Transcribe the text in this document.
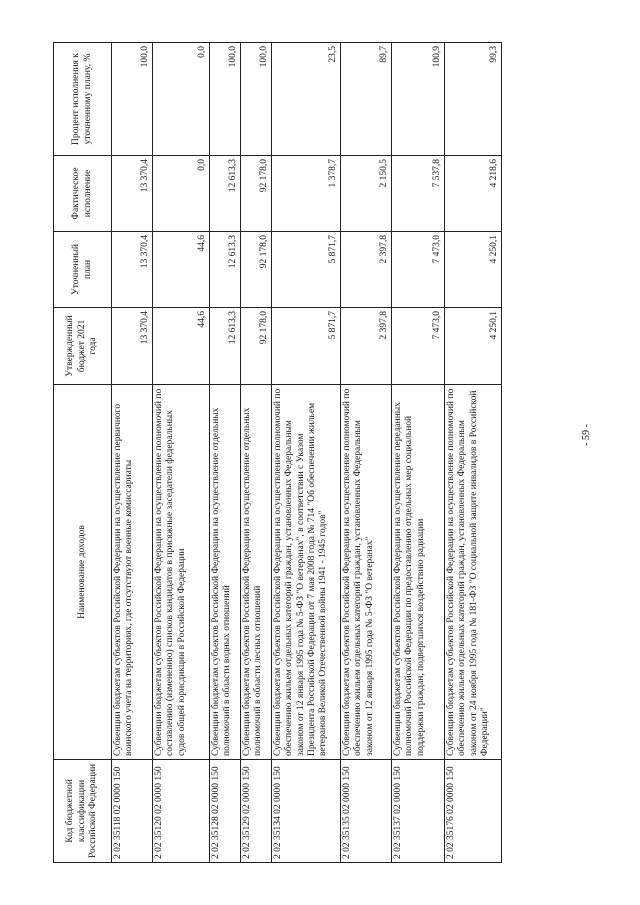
- 59 -
Код бюджетной классификации Российской Федерации	Наименование доходов	Утвержденный бюджет 2021 года	Уточненный план	Фактическое исполнение	Процент исполнения к уточненному плану, %
2 02 35118 02 0000 150	Субвенции бюджетам субъектов Российской Федерации на осуществление первичного воинского учета на территориях, где отсутствуют военные комиссариаты	13 370,4	13 370,4	13 370,4	100,0
2 02 35120 02 0000 150	Субвенции бюджетам субъектов Российской Федерации на осуществление полномочий по составлению (изменению) списков кандидатов в присяжные заседатели федеральных судов общей юрисдикции в Российской Федерации	44,6	44,6	0,0	0,0
2 02 35128 02 0000 150	Субвенции бюджетам субъектов Российской Федерации на осуществление отдельных полномочий в области водных отношений	12 613,3	12 613,3	12 613,3	100,0
2 02 35129 02 0000 150	Субвенции бюджетам субъектов Российской Федерации на осуществление отдельных полномочий в области лесных отношений	92 178,0	92 178,0	92 178,0	100,0
2 02 35134 02 0000 150	Субвенции бюджетам субъектов Российской Федерации на осуществление полномочий по обеспечению жильем отдельных категорий граждан, установленных Федеральным законом от 12 января 1995 года № 5-ФЗ "О ветеранах", в соответствии с Указом Президента Российской Федерации от 7 мая 2008 года № 714 "Об обеспечении жильем ветеранов Великой Отечественной войны 1941 - 1945 годов"	5 871,7	5 871,7	1 378,7	23,5
2 02 35135 02 0000 150	Субвенции бюджетам субъектов Российской Федерации на осуществление полномочий по обеспечению жильем отдельных категорий граждан, установленных Федеральным законом от 12 января 1995 года № 5-ФЗ "О ветеранах"	2 397,8	2 397,8	2 150,5	89,7
2 02 35137 02 0000 150	Субвенции бюджетам субъектов Российской Федерации на осуществление переданных полномочий Российской Федерации по предоставлению отдельных мер социальной поддержки граждан, подвергшихся воздействию радиации	7 473,0	7 473,0	7 537,8	100,9
2 02 35176 02 0000 150	Субвенции бюджетам субъектов Российской Федерации на осуществление полномочий по обеспечению жильем отдельных категорий граждан, установленных Федеральным законом от 24 ноября 1995 года № 181-ФЗ "О социальной защите инвалидов в Российской Федерации"	4 250,1	4 250,1	4 218,6	99,3
